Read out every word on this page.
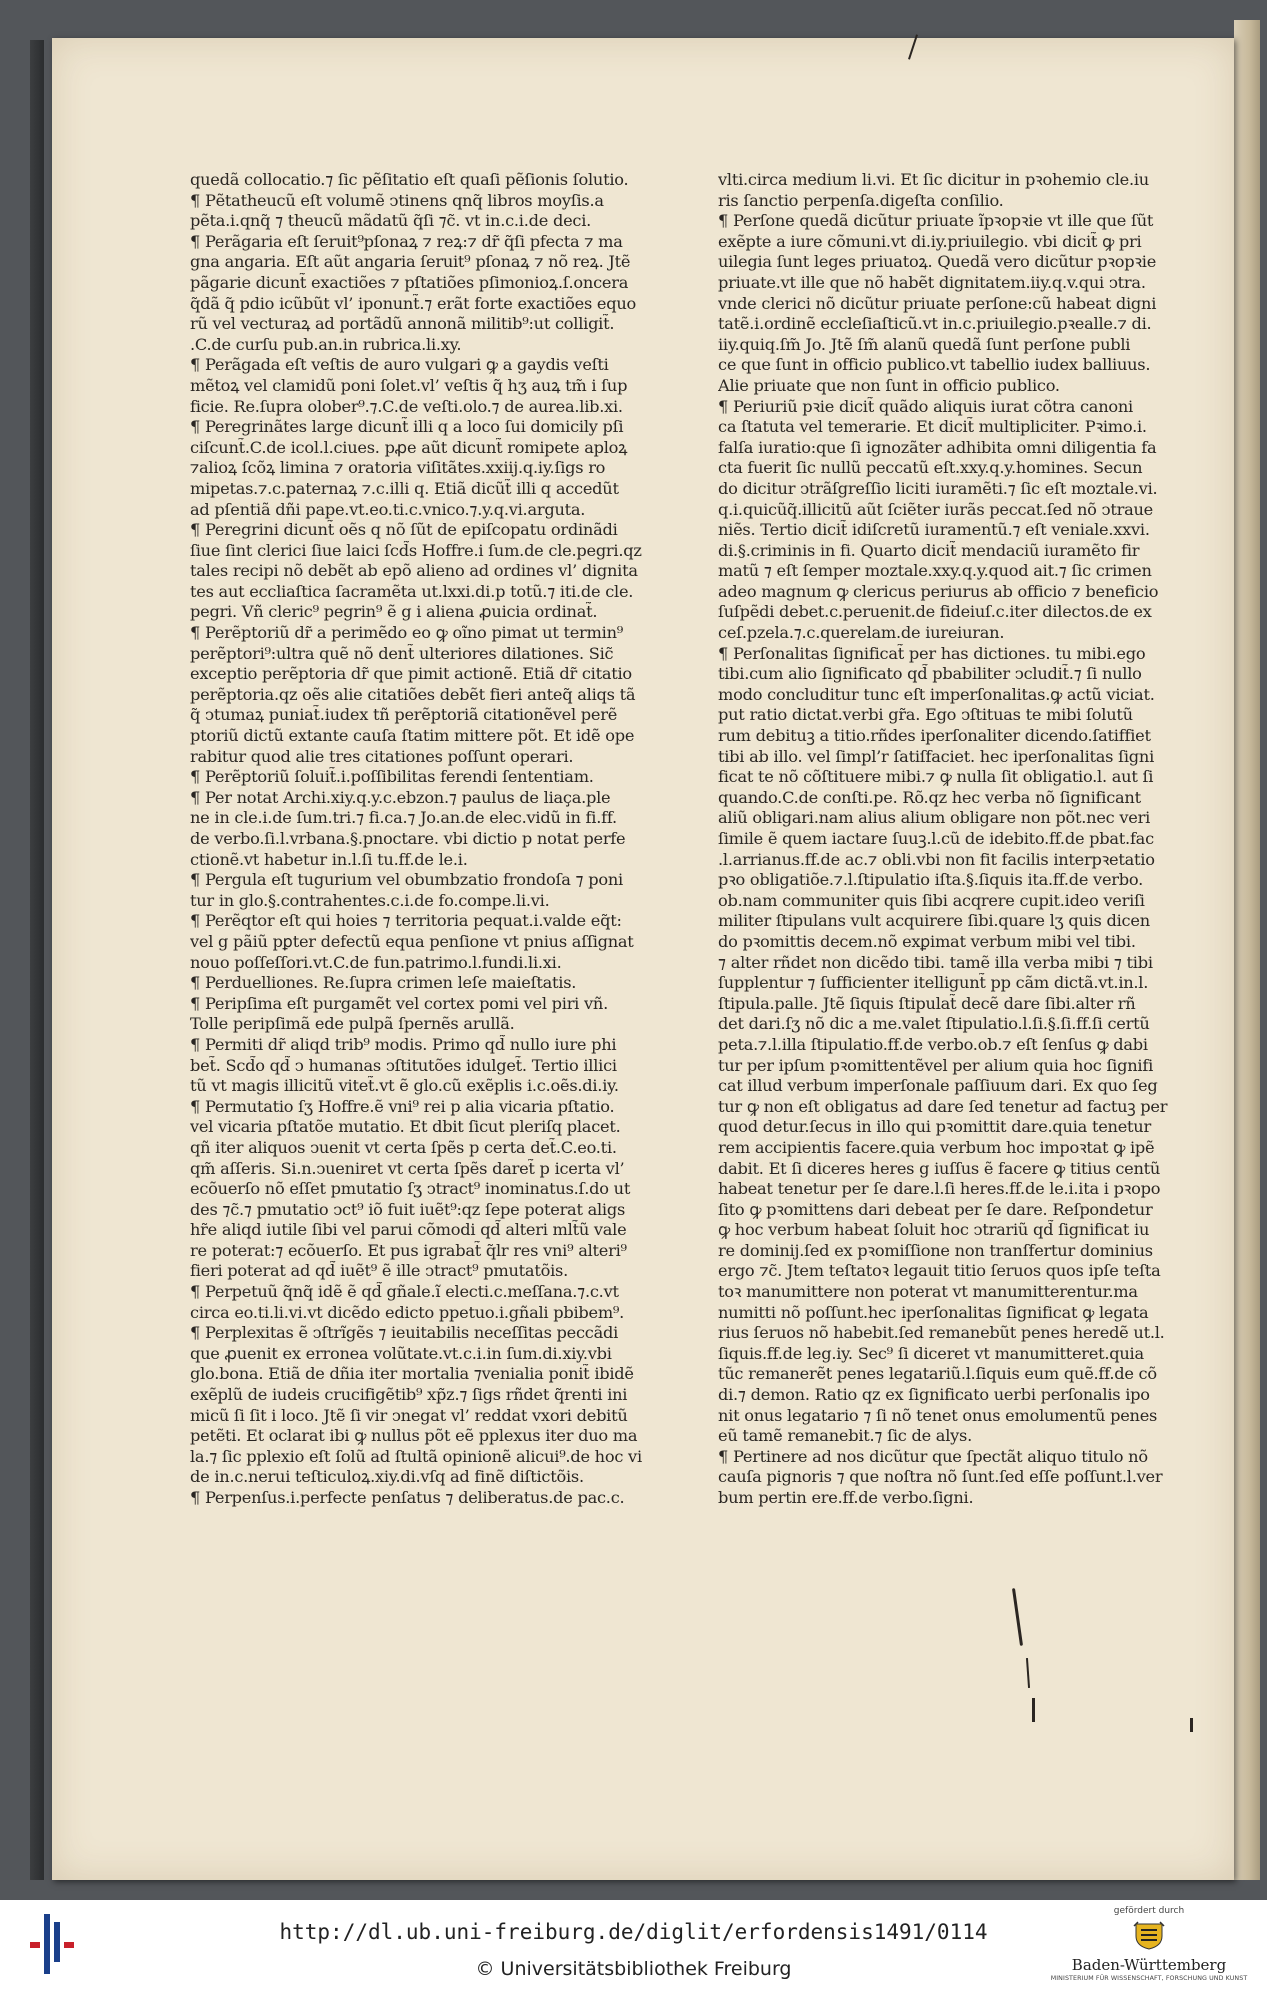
quedã collocatio.⁊ ſic pẽſitatio eſt quaſi pẽſionis ſolutio.
¶ Pẽtatheucũ eſt volumẽ ↄtinens qnq̃ libros moyſis.a
pẽta.i.qnq̃ ⁊ theucũ mãdatũ q̃ſi ⁊c̃. vt in.c.i.de deci.
¶ Perãgaria eſt ſeruit⁹pſonaꝝ ⁊ reꝝ:⁊ dr̃ q̃ſi pfecta ⁊ ma
gna angaria. Eſt aũt angaria ſeruit⁹ pſonaꝝ ⁊ nõ reꝝ. Jtẽ
pãgarie dicunt̃ exactiões ⁊ pſtatiões pſimonioꝝ.ſ.oncera
q̃dã q̃ pdio icũbũt vl’ iponunt̃.⁊ erãt forte exactiões equo
rũ vel vecturaꝝ ad portãdũ annonã militib⁹:ut colligit̃.
.C.de curſu pub.an.in rubrica.li.xy.
¶ Perãgada eſt veſtis de auro vulgari ꝙ a gaydis veſti
mẽtoꝝ vel clamidũ poni ſolet.vl’ veſtis q̃ hʒ auꝝ tm̃ i ſup
ficie. Re.ſupra olober⁹.⁊.C.de veſti.olo.⁊ de aurea.lib.xi.
¶ Peregrinãtes large dicunt̃ illi q a loco ſui domicily pſi
ciſcunt̃.C.de icol.l.ciues. pꝓe aũt dicunt̃ romipete aploꝝ
⁊alioꝝ ſcõꝝ limina ⁊ oratoria viſitãtes.xxiij.q.iy.ſigs ro
mipetas.⁊.c.paternaꝝ ⁊.c.illi q. Etiã dicũt̃ illi q accedũt
ad pſentiã dñi pape.vt.eo.ti.c.vnico.⁊.y.q.vi.arguta.
¶ Peregrini dicunt̃ oẽs q nõ ſũt de epiſcopatu ordinãdi
ſiue ſint clerici ſiue laici ſcd̃s Hoffre.i ſum.de cle.pegri.qz
tales recipi nõ debẽt ab epõ alieno ad ordines vl’ dignita
tes aut eccliaſtica ſacramẽta ut.lxxi.di.p totũ.⁊ iti.de cle.
pegri. Vñ cleric⁹ pegrin⁹ ẽ g i aliena ꝓuicia ordinat̃.
¶ Perẽptoriũ dr̃ a perimẽdo eo ꝙ oĩno pimat ut termin⁹
perẽptori⁹:ultra quẽ nõ dent̃ ulteriores dilationes. Sic̃
exceptio perẽptoria dr̃ que pimit actionẽ. Etiã dr̃ citatio
perẽptoria.qz oẽs alie citatiões debẽt fieri anteq̃ aliqs tã
q̃ ↄtumaꝝ puniat̃.iudex tñ perẽptoriã citationẽvel perẽ
ptoriũ dictũ extante cauſa ſtatim mittere põt. Et idẽ ope
rabitur quod alie tres citationes poſſunt operari.
¶ Perẽptoriũ ſoluit̃.i.poſſibilitas ferendi ſententiam.
¶ Per notat Archi.xiy.q.y.c.ebzon.⁊ paulus de liaça.ple
ne in cle.i.de ſum.tri.⁊ fi.ca.⁊ Jo.an.de elec.vidũ in fi.ff.
de verbo.ſi.l.vrbana.§.pnoctare. vbi dictio p notat perfe
ctionẽ.vt habetur in.l.ſi tu.ff.de le.i.
¶ Pergula eſt tugurium vel obumbzatio frondoſa ⁊ poni
tur in glo.§.contrahentes.c.i.de fo.compe.li.vi.
¶ Perẽqtor eſt qui hoies ⁊ territoria pequat.i.valde eq̃t:
vel g pãiũ pꝑter defectũ equa penſione vt pnius aſſignat
nouo poſſeſſori.vt.C.de fun.patrimo.l.fundi.li.xi.
¶ Perduelliones. Re.ſupra crimen leſe maieſtatis.
¶ Peripſima eſt purgamẽt vel cortex pomi vel piri vñ.
Tolle peripſimã ede pulpã ſpernẽs arullã.
¶ Permiti dr̃ aliqd trib⁹ modis. Primo qd̃ nullo iure phi
bet̃. Scd̃o qd̃ ↄ humanas ↄſtitutões idulget̃. Tertio illici
tũ vt magis illicitũ vitet̃.vt ẽ glo.cũ exẽplis i.c.oẽs.di.iy.
¶ Permutatio ſʒ Hoffre.ẽ vni⁹ rei p alia vicaria pſtatio.
vel vicaria pſtatõe mutatio. Et dbit ſicut pleriſq placet.
qñ iter aliquos ↄuenit vt certa ſpẽs p certa det̃.C.eo.ti.
qm̃ aſſeris. Si.n.ↄueniret vt certa ſpẽs daret̃ p icerta vl’
ecõuerſo nõ eſſet pmutatio ſʒ ↄtract⁹ inominatus.ſ.do ut
des ⁊c̃.⁊ pmutatio ↄct⁹ iõ fuit iuẽt⁹:qz ſepe poterat aligs
hr̃e aliqd iutile ſibi vel parui cõmodi qd̃ alteri mlt̃ũ vale
re poterat:⁊ ecõuerſo. Et pus igrabat̃ q̃lr res vni⁹ alteri⁹
fieri poterat ad qd̃ iuẽt⁹ ẽ ille ↄtract⁹ pmutatõis.
¶ Perpetuũ q̃nq̃ idẽ ẽ qd̃ gñale.ĩ electi.c.meſſana.⁊.c.vt
circa eo.ti.li.vi.vt dicẽdo edicto ppetuo.i.gñali pbibem⁹.
¶ Perplexitas ẽ ↄſtrĩgẽs ⁊ ieuitabilis neceſſitas peccãdi
que ꝓuenit ex erronea volũtate.vt.c.i.in ſum.di.xiy.vbi
glo.bona. Etiã de dñia iter mortalia ⁊venialia ponit̃ ibidẽ
exẽplũ de iudeis crucifigẽtib⁹ xp̃z.⁊ ſigs rñdet q̃renti ini
micũ ſi ſit i loco. Jtẽ ſi vir ↄnegat vl’ reddat vxori debitũ
petẽti. Et oclarat ibi ꝙ nullus põt eẽ pplexus iter duo ma
la.⁊ ſic pplexio eſt ſolũ ad ſtultã opinionẽ alicui⁹.de hoc vi
de in.c.nerui teſticuloꝝ.xiy.di.vſq ad finẽ diſtictõis.
¶ Perpenſus.i.perfecte penſatus ⁊ deliberatus.de pac.c.
vlti.circa medium li.vi. Et ſic dicitur in pꝛohemio cle.iu
ris ſanctio perpenſa.digeſta conſilio.
¶ Perſone quedã dicũtur priuate ĩpꝛopꝛie vt ille que ſũt
exẽpte a iure cõmuni.vt di.iy.priuilegio. vbi dicit̃ ꝙ pri
uilegia ſunt leges priuatoꝝ. Quedã vero dicũtur pꝛopꝛie
priuate.vt ille que nõ habẽt dignitatem.iiy.q.v.qui ↄtra.
vnde clerici nõ dicũtur priuate perſone:cũ habeat digni
tatẽ.i.ordinẽ eccleſiaſticũ.vt in.c.priuilegio.pꝛealle.⁊ di.
iiy.quiq.ſm̃ Jo. Jtẽ ſm̃ alanũ quedã ſunt perſone publi
ce que ſunt in officio publico.vt tabellio iudex balliuus.
Alie priuate que non ſunt in officio publico.
¶ Periuriũ pꝛie dicit̃ quãdo aliquis iurat cõtra canoni
ca ſtatuta vel temerarie. Et dicit̃ multipliciter. Pꝛimo.i.
falſa iuratio:que ſi ignozãter adhibita omni diligentia fa
cta fuerit ſic nullũ peccatũ eſt.xxy.q.y.homines. Secun
do dicitur ↄtrãſgreſſio liciti iuramẽti.⁊ ſic eſt moztale.vi.
q.i.quicũq̃.illicitũ aũt ſciẽter iurãs peccat.ſed nõ ↄtraue
niẽs. Tertio dicit̃ idiſcretũ iuramentũ.⁊ eſt veniale.xxvi.
di.§.criminis in fi. Quarto dicit̃ mendaciũ iuramẽto fir
matũ ⁊ eſt ſemper moztale.xxy.q.y.quod ait.⁊ ſic crimen
adeo magnum ꝙ clericus periurus ab officio ⁊ beneficio
ſuſpẽdi debet.c.peruenit.de fideiuſ.c.iter dilectos.de ex
ceſ.pzela.⁊.c.querelam.de iureiuran.
¶ Perſonalitas ſignificat̃ per has dictiones. tu mibi.ego
tibi.cum alio ſignificato qd̃ pbabiliter ↄcludit̃.⁊ ſi nullo
modo concluditur tunc eſt imperſonalitas.ꝙ actũ viciat.
put ratio dictat.verbi gr̃a. Ego ↄſtituas te mibi ſolutũ
rum debituꝫ a titio.rñdes iperſonaliter dicendo.ſatiffiet
tibi ab illo. vel ſimpl’r ſatiſfaciet. hec iperſonalitas ſigni
ficat te nõ cõſtituere mibi.⁊ ꝙ nulla ſit obligatio.l. aut ſi
quando.C.de conſti.pe. Rõ.qz hec verba nõ ſignificant
aliũ obligari.nam alius alium obligare non põt.nec veri
ſimile ẽ quem iactare ſuuꝫ.l.cũ de idebito.ff.de pbat.fac
.l.arrianus.ff.de ac.⁊ obli.vbi non fit facilis interpꝛetatio
pꝛo obligatiõe.⁊.l.ſtipulatio iſta.§.ſiquis ita.ff.de verbo.
ob.nam communiter quis ſibi acqrere cupit.ideo veriſi
militer ſtipulans vult acquirere ſibi.quare lʒ quis dicen
do pꝛomittis decem.nõ exꝑimat verbum mibi vel tibi.
⁊ alter rñdet non dicẽdo tibi. tamẽ illa verba mibi ⁊ tibi
ſupplentur ⁊ ſufficienter itelligunt̃ pp cãm dictã.vt.in.l.
ſtipula.palle. Jtẽ ſiquis ſtipulat̃ decẽ dare ſibi.alter rñ
det dari.ſʒ nõ dic a me.valet ſtipulatio.l.ſi.§.ſi.ff.ſi certũ
peta.⁊.l.illa ſtipulatio.ff.de verbo.ob.⁊ eſt ſenſus ꝙ dabi
tur per ipſum pꝛomittentẽvel per alium quia hoc ſignifi
cat illud verbum imperſonale paſſiuum dari. Ex quo ſeg
tur ꝙ non eſt obligatus ad dare ſed tenetur ad factuꝫ per
quod detur.ſecus in illo qui pꝛomittit dare.quia tenetur
rem accipientis facere.quia verbum hoc impoꝛtat ꝙ ipẽ
dabit. Et ſi diceres heres g iuſſus ẽ facere ꝙ titius centũ
habeat tenetur per ſe dare.l.ſi heres.ff.de le.i.ita i pꝛopo
ſito ꝙ pꝛomittens dari debeat per ſe dare. Reſpondetur
ꝙ hoc verbum habeat ſoluit hoc ↄtrariũ qd̃ ſignificat iu
re dominij.ſed ex pꝛomiſſione non tranſfertur dominius
ergo ⁊c̃. Jtem teſtatoꝛ legauit titio ſeruos quos ipſe teſta
toꝛ manumittere non poterat vt manumitterentur.ma
numitti nõ poſſunt.hec iperſonalitas ſignificat ꝙ legata
rius ſeruos nõ habebit.ſed remanebũt penes heredẽ ut.l.
ſiquis.ff.de leg.iy. Sec⁹ ſi diceret vt manumitteret.quia
tũc remanerẽt penes legatariũ.l.ſiquis eum quẽ.ff.de cõ
di.⁊ demon. Ratio qz ex ſignificato uerbi perſonalis ipo
nit onus legatario ⁊ ſi nõ tenet onus emolumentũ penes
eũ tamẽ remanebit.⁊ ſic de alys.
¶ Pertinere ad nos dicũtur que ſpectãt aliquo titulo nõ
cauſa pignoris ⁊ que noſtra nõ ſunt.ſed eſſe poſſunt.l.ver
bum pertin ere.ff.de verbo.ſigni.
http://dl.ub.uni-freiburg.de/diglit/erfordensis1491/0114
© Universitätsbibliothek Freiburg
gefördert durch
Baden-Württemberg
MINISTERIUM FÜR WISSENSCHAFT, FORSCHUNG UND KUNST
